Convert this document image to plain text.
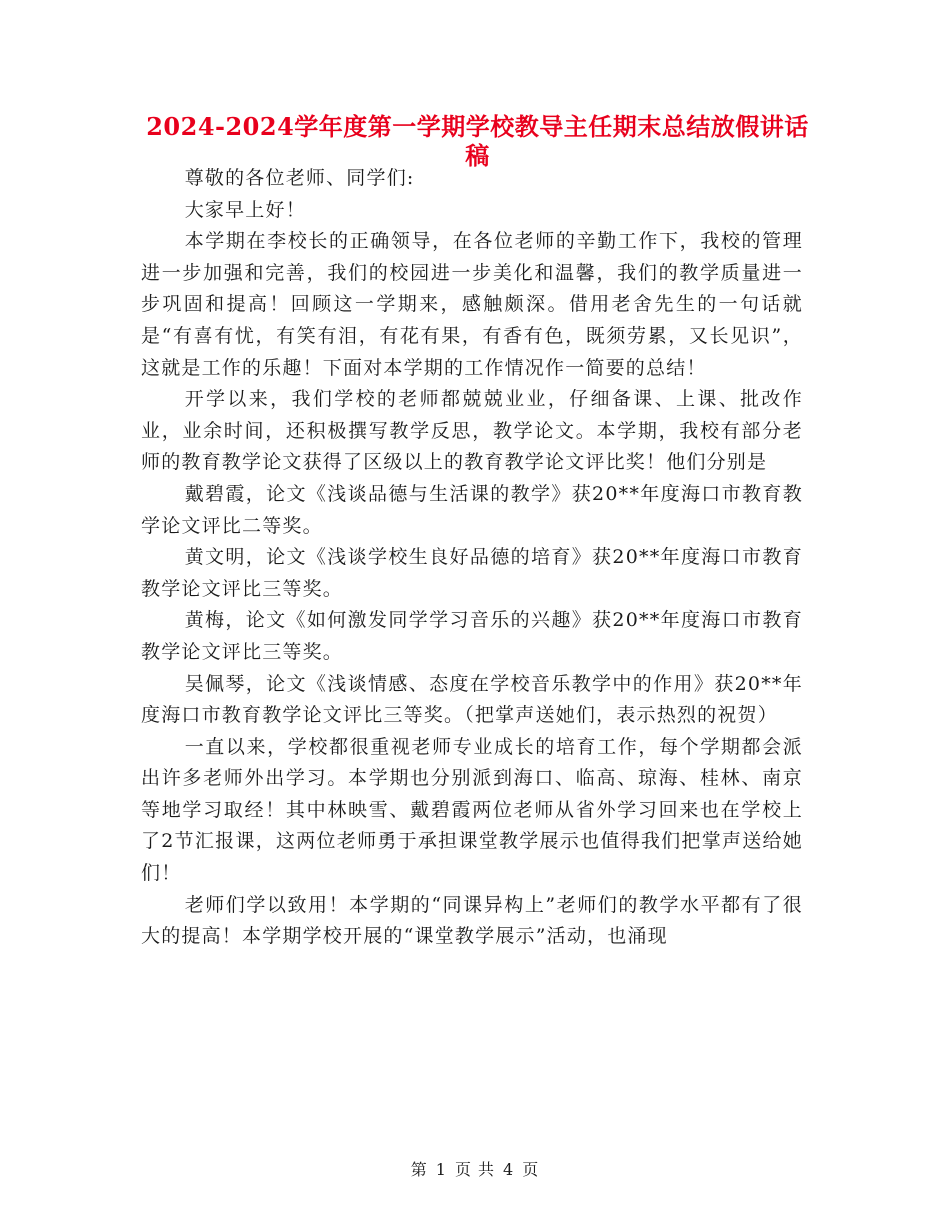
2024-2024学年度第一学期学校教导主任期末总结放假讲话稿

尊敬的各位老师、同学们:

大家早上好！

本学期在李校长的正确领导，在各位老师的辛勤工作下，我校的管理进一步加强和完善，我们的校园进一步美化和温馨，我们的教学质量进一步巩固和提高！回顾这一学期来，感触颇深。借用老舍先生的一句话就是“有喜有忧，有笑有泪，有花有果，有香有色，既须劳累，又长见识”，这就是工作的乐趣！下面对本学期的工作情况作一简要的总结！

开学以来，我们学校的老师都兢兢业业，仔细备课、上课、批改作业，业余时间，还积极撰写教学反思，教学论文。本学期，我校有部分老师的教育教学论文获得了区级以上的教育教学论文评比奖！他们分别是

戴碧霞，论文《浅谈品德与生活课的教学》获20**年度海口市教育教学论文评比二等奖。

黄文明，论文《浅谈学校生良好品德的培育》获20**年度海口市教育教学论文评比三等奖。

黄梅，论文《如何激发同学学习音乐的兴趣》获20**年度海口市教育教学论文评比三等奖。

吴佩琴，论文《浅谈情感、态度在学校音乐教学中的作用》获20**年度海口市教育教学论文评比三等奖。（把掌声送她们，表示热烈的祝贺）

一直以来，学校都很重视老师专业成长的培育工作，每个学期都会派出许多老师外出学习。本学期也分别派到海口、临高、琼海、桂林、南京等地学习取经！其中林映雪、戴碧霞两位老师从省外学习回来也在学校上了2节汇报课，这两位老师勇于承担课堂教学展示也值得我们把掌声送给她们！

老师们学以致用！本学期的“同课异构上”老师们的教学水平都有了很大的提高！本学期学校开展的“课堂教学展示”活动，也涌现

第 1 页 共 4 页
